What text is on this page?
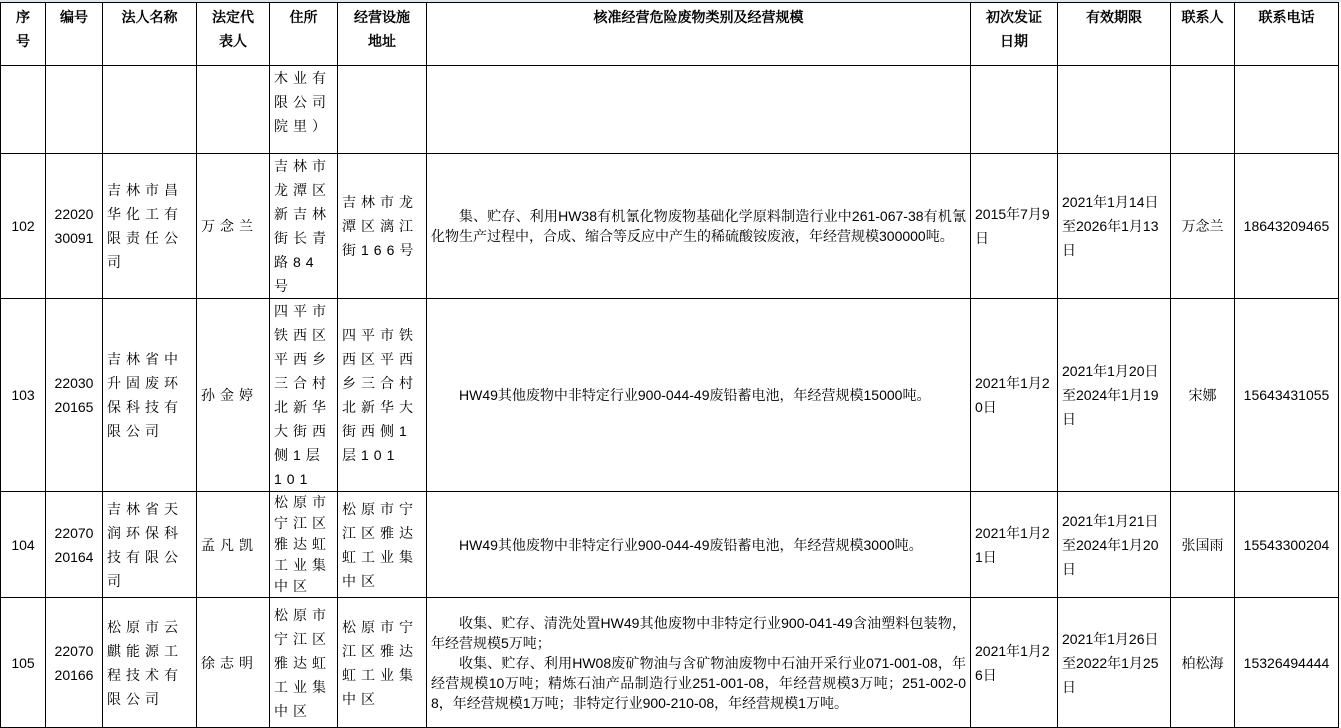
序号	编号	法人名称	法定代表人	住所	经营设施地址	核准经营危险废物类别及经营规模	初次发证日期	有效期限	联系人	联系电话
				木业有限公司院里）						
102	2202030091	吉林市昌华化工有限责任公司	万念兰	吉林市龙潭区新吉林街长青路84号	吉林市龙潭区漓江街166号	集、贮存、利用HW38有机氰化物废物基础化学原料制造行业中261-067-38有机氰化物生产过程中，合成、缩合等反应中产生的稀硫酸铵废液，年经营规模300000吨。	2015年7月9日	2021年1月14日至2026年1月13日	万念兰	18643209465
103	2203020165	吉林省中升固废环保科技有限公司	孙金婷	四平市铁西区平西乡三合村北新华大街西侧1层101	四平市铁西区平西乡三合村北新华大街西侧1层101	HW49其他废物中非特定行业900-044-49废铅蓄电池，年经营规模15000吨。	2021年1月20日	2021年1月20日至2024年1月19日	宋娜	15643431055
104	2207020164	吉林省天润环保科技有限公司	孟凡凯	松原市宁江区雅达虹工业集中区	松原市宁江区雅达虹工业集中区	HW49其他废物中非特定行业900-044-49废铅蓄电池，年经营规模3000吨。	2021年1月21日	2021年1月21日至2024年1月20日	张国雨	15543300204
105	2207020166	松原市云麒能源工程技术有限公司	徐志明	松原市宁江区雅达虹工业集中区	松原市宁江区雅达虹工业集中区	收集、贮存、清洗处置HW49其他废物中非特定行业900-041-49含油塑料包装物，年经营规模5万吨；
收集、贮存、利用HW08废矿物油与含矿物油废物中石油开采行业071-001-08，年经营规模10万吨；精炼石油产品制造行业251-001-08，年经营规模3万吨；251-002-08，年经营规模1万吨；非特定行业900-210-08，年经营规模1万吨。	2021年1月26日	2021年1月26日至2022年1月25日	柏松海	15326494444
